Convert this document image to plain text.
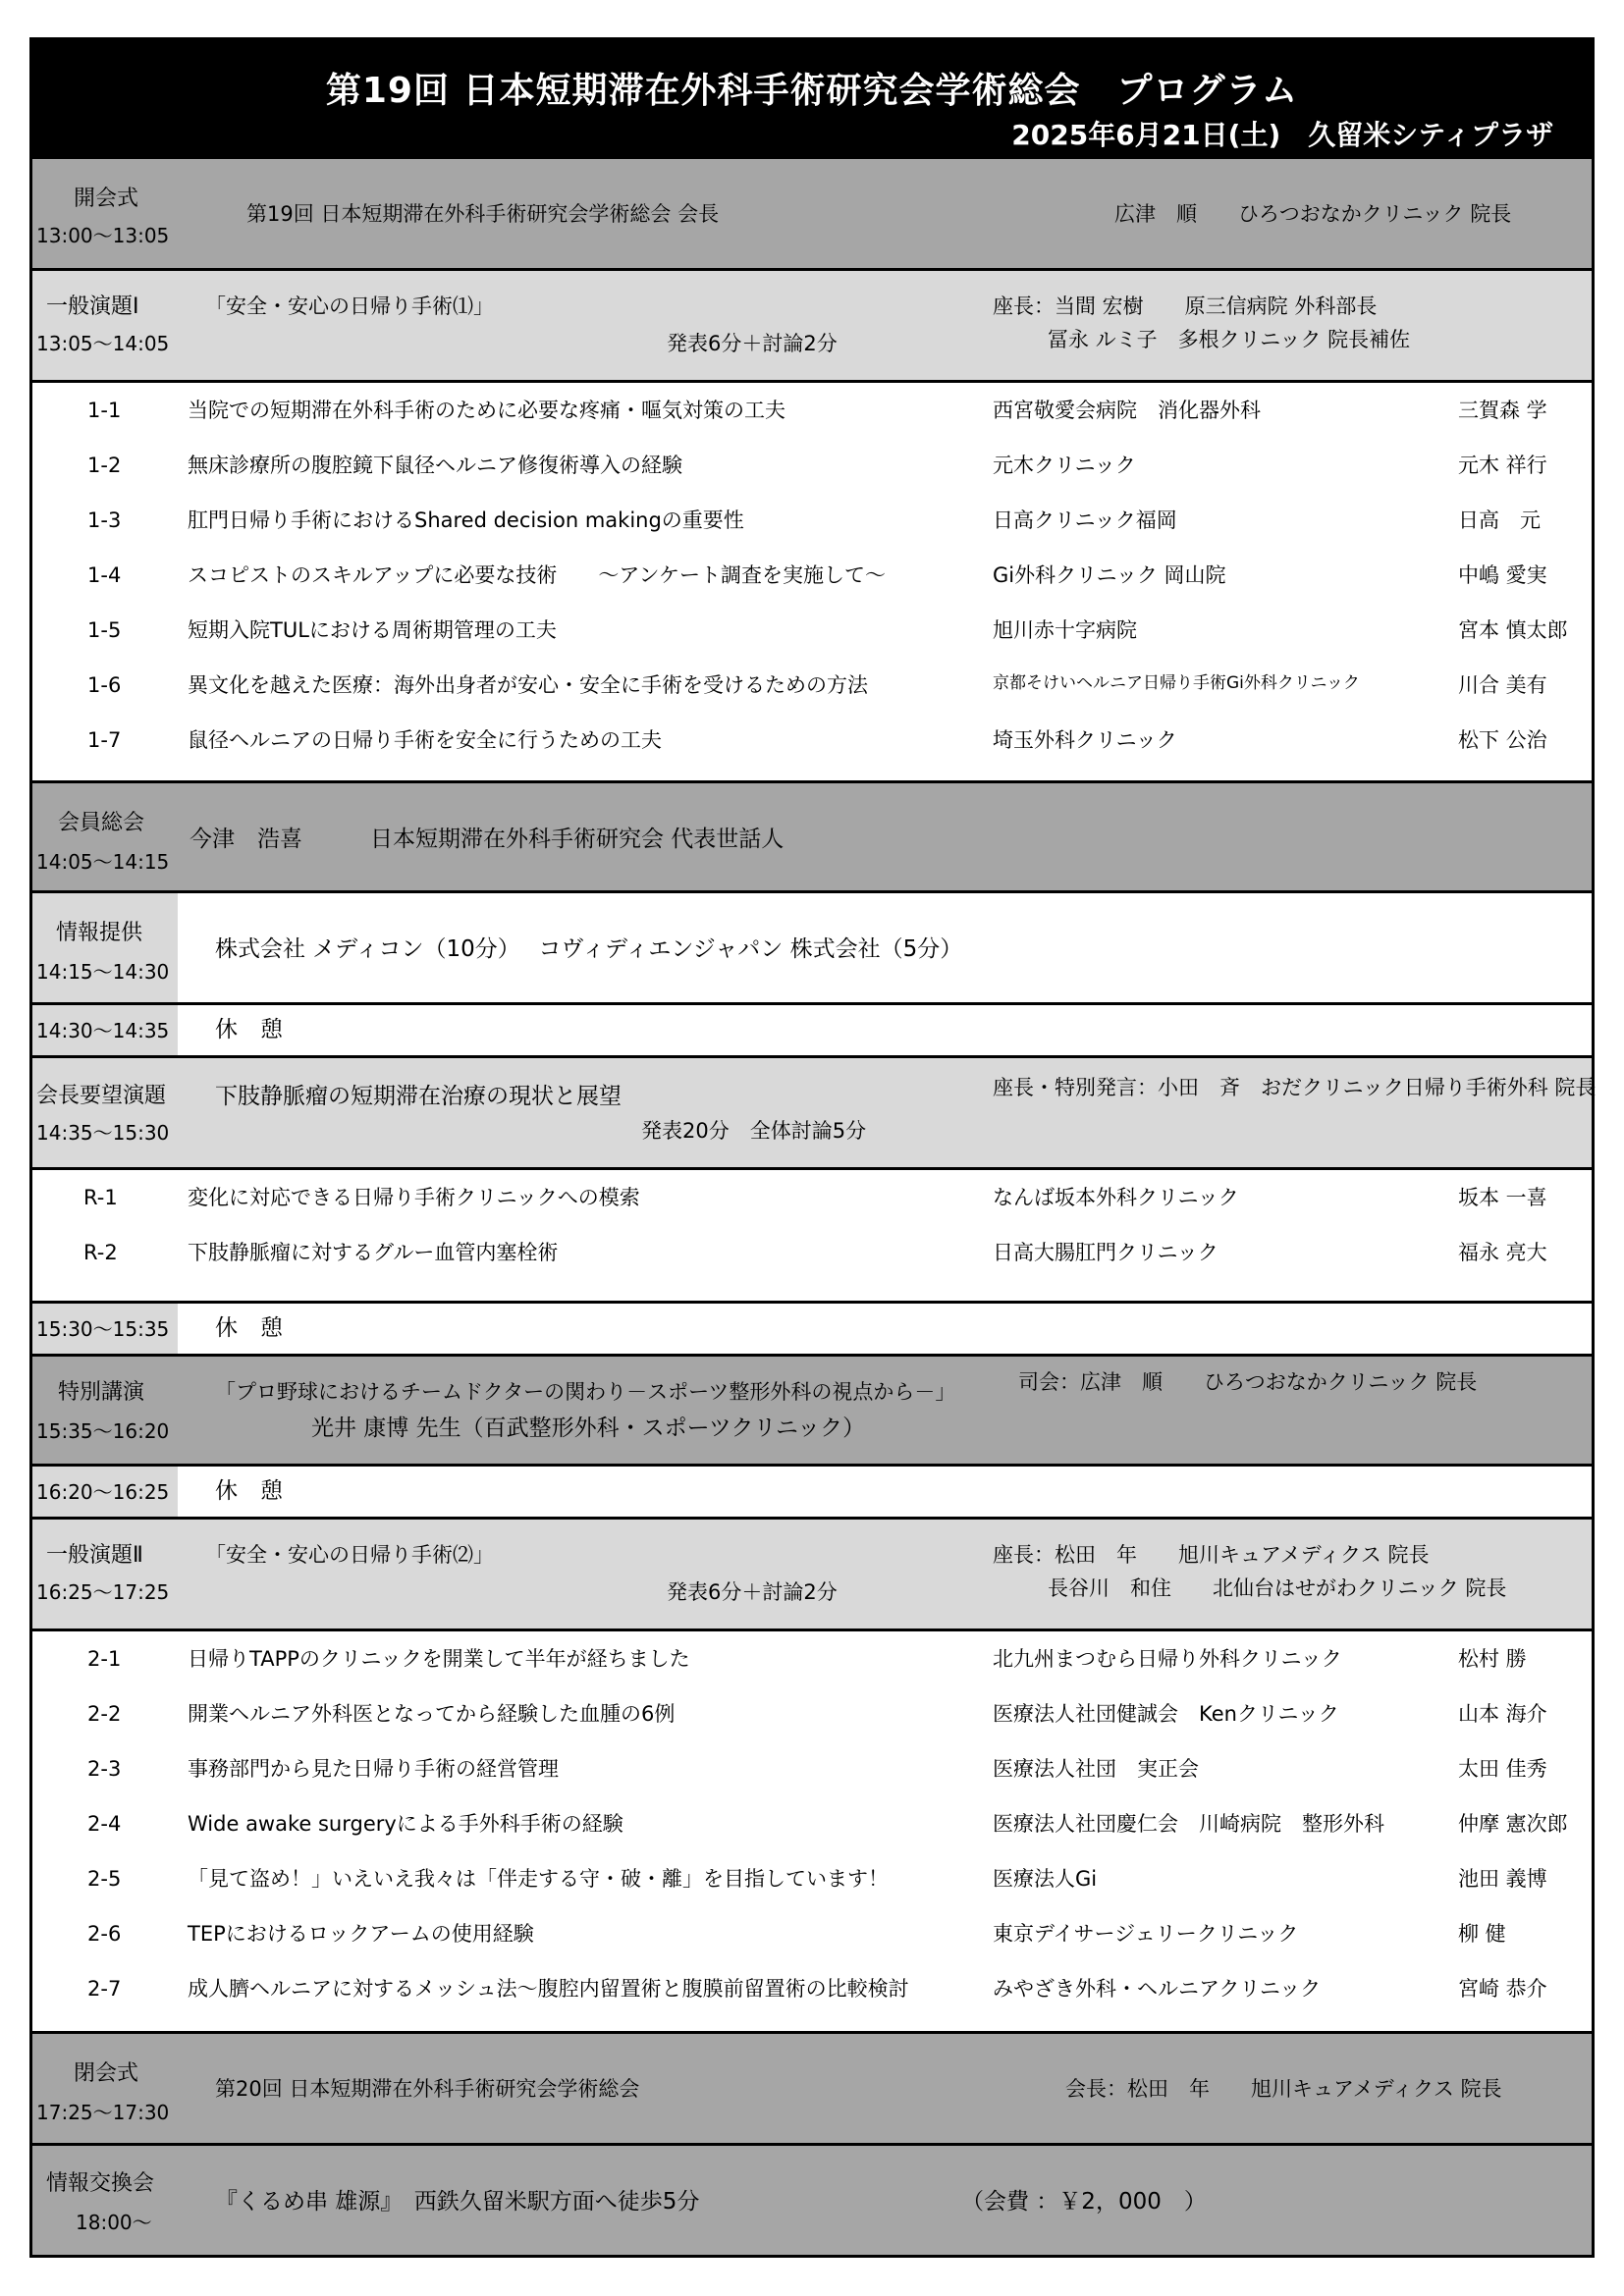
第19回 日本短期滞在外科手術研究会学術総会　プログラム
2025年6月21日(土)　久留米シティプラザ
開会式
13:00～13:05
第19回 日本短期滞在外科手術研究会学術総会 会長	広津　順　　ひろつおなかクリニック 院長
一般演題Ⅰ
13:05～14:05
「安全・安心の日帰り手術⑴」
発表6分＋討論2分
座長：当間 宏樹　　原三信病院 外科部長
冨永 ルミ子　多根クリニック 院長補佐
1-1	当院での短期滞在外科手術のために必要な疼痛・嘔気対策の工夫	西宮敬愛会病院　消化器外科	三賀森 学
1-2	無床診療所の腹腔鏡下鼠径ヘルニア修復術導入の経験	元木クリニック	元木 祥行
1-3	肛門日帰り手術におけるShared decision makingの重要性	日高クリニック福岡	日高　元
1-4	スコピストのスキルアップに必要な技術　　～アンケート調査を実施して～	Gi外科クリニック 岡山院	中嶋 愛実
1-5	短期入院TULにおける周術期管理の工夫	旭川赤十字病院	宮本 慎太郎
1-6	異文化を越えた医療：海外出身者が安心・安全に手術を受けるための方法	京都そけいヘルニア日帰り手術Gi外科クリニック	川合 美有
1-7	鼠径ヘルニアの日帰り手術を安全に行うための工夫	埼玉外科クリニック	松下 公治
会員総会
14:05～14:15
今津　浩喜　　　日本短期滞在外科手術研究会 代表世話人
情報提供
14:15～14:30
株式会社 メディコン（10分）　 コヴィディエンジャパン 株式会社（5分）
14:30～14:35 休　憩
会長要望演題
14:35～15:30
下肢静脈瘤の短期滞在治療の現状と展望
発表20分　全体討論5分
座長・特別発言：小田　斉　おだクリニック日帰り手術外科 院長
R-1	変化に対応できる日帰り手術クリニックへの模索	なんば坂本外科クリニック	坂本 一喜
R-2	下肢静脈瘤に対するグルー血管内塞栓術	日高大腸肛門クリニック	福永 亮大
15:30～15:35 休　憩
特別講演
15:35～16:20
「プロ野球におけるチームドクターの関わり－スポーツ整形外科の視点から－」
光井 康博 先生（百武整形外科・スポーツクリニック）
司会：広津　順　　ひろつおなかクリニック 院長
16:20～16:25 休　憩
一般演題Ⅱ
16:25～17:25
「安全・安心の日帰り手術⑵」
発表6分＋討論2分
座長：松田　年　　旭川キュアメディクス 院長
長谷川　和住　　北仙台はせがわクリニック 院長
2-1	日帰りTAPPのクリニックを開業して半年が経ちました	北九州まつむら日帰り外科クリニック	松村 勝
2-2	開業ヘルニア外科医となってから経験した血腫の6例	医療法人社団健誠会　Kenクリニック	山本 海介
2-3	事務部門から見た日帰り手術の経営管理	医療法人社団　実正会	太田 佳秀
2-4	Wide awake surgeryによる手外科手術の経験	医療法人社団慶仁会　川崎病院　整形外科	仲摩 憲次郎
2-5	「見て盗め！」いえいえ我々は「伴走する守・破・離」を目指しています！	医療法人Gi	池田 義博
2-6	TEPにおけるロックアームの使用経験	東京デイサージェリークリニック	柳 健
2-7	成人臍ヘルニアに対するメッシュ法～腹腔内留置術と腹膜前留置術の比較検討	みやざき外科・ヘルニアクリニック	宮崎 恭介
閉会式
17:25～17:30
第20回 日本短期滞在外科手術研究会学術総会	会長：松田　年　　旭川キュアメディクス 院長
情報交換会
18:00～
『くるめ串 雄源』　西鉄久留米駅方面へ徒歩5分	（会費 ：￥2，000　）
